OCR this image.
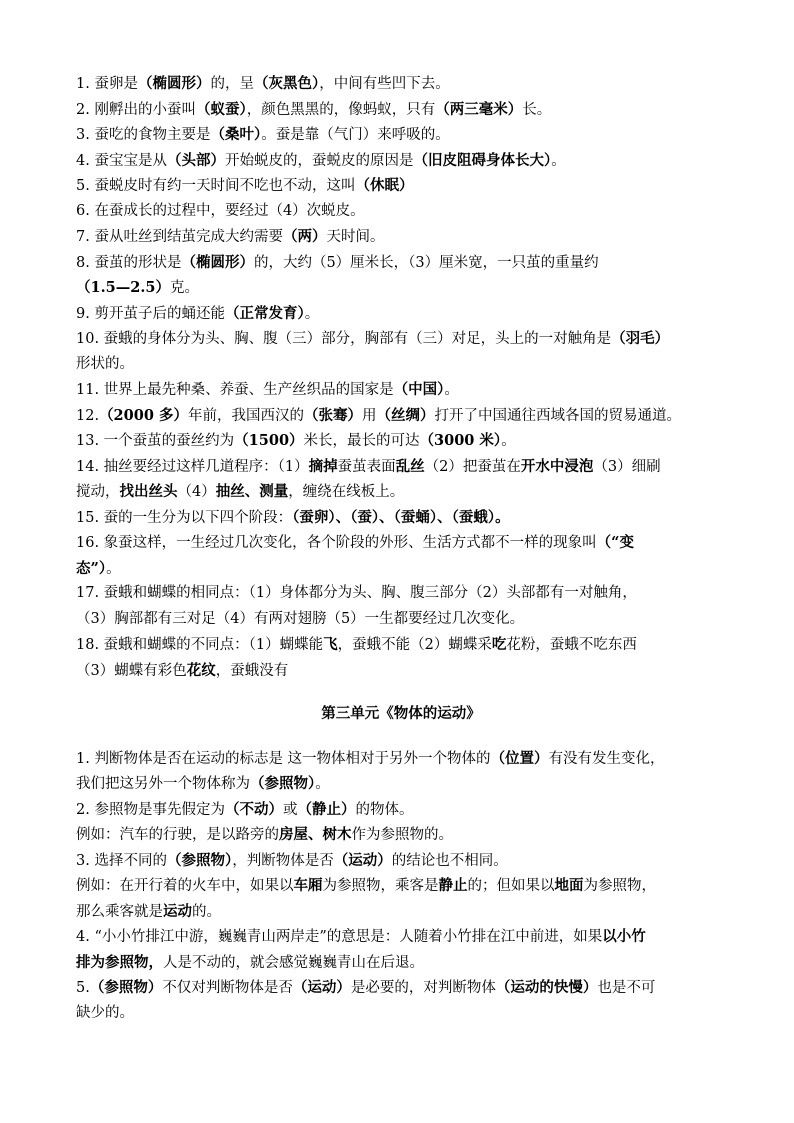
1. 蚕卵是（椭圆形）的，呈（灰黑色），中间有些凹下去。
2. 刚孵出的小蚕叫（蚁蚕），颜色黑黑的，像蚂蚁，只有（两三毫米）长。
3. 蚕吃的食物主要是（桑叶）。蚕是靠（气门）来呼吸的。
4. 蚕宝宝是从（头部）开始蜕皮的，蚕蜕皮的原因是（旧皮阻碍身体长大）。
5. 蚕蜕皮时有约一天时间不吃也不动，这叫（休眠）
6. 在蚕成长的过程中，要经过（4）次蜕皮。
7. 蚕从吐丝到结茧完成大约需要（两）天时间。
8. 蚕茧的形状是（椭圆形）的，大约（5）厘米长，（3）厘米宽，一只茧的重量约
（1.5—2.5）克。
9. 剪开茧子后的蛹还能（正常发育）。
10. 蚕蛾的身体分为头、胸、腹（三）部分，胸部有（三）对足，头上的一对触角是（羽毛）
形状的。
11. 世界上最先种桑、养蚕、生产丝织品的国家是（中国）。
12.（2000 多）年前，我国西汉的（张骞）用（丝绸）打开了中国通往西域各国的贸易通道。
13. 一个蚕茧的蚕丝约为（1500）米长，最长的可达（3000 米）。
14. 抽丝要经过这样几道程序：（1）摘掉蚕茧表面乱丝（2）把蚕茧在开水中浸泡（3）细刷
搅动，找出丝头（4）抽丝、测量，缠绕在线板上。
15. 蚕的一生分为以下四个阶段：（蚕卵）、（蚕）、（蚕蛹）、（蚕蛾）。
16. 象蚕这样，一生经过几次变化，各个阶段的外形、生活方式都不一样的现象叫（“变
态”）。
17. 蚕蛾和蝴蝶的相同点：（1）身体都分为头、胸、腹三部分（2）头部都有一对触角，
（3）胸部都有三对足（4）有两对翅膀（5）一生都要经过几次变化。
18. 蚕蛾和蝴蝶的不同点：（1）蝴蝶能飞，蚕蛾不能（2）蝴蝶采吃花粉，蚕蛾不吃东西
（3）蝴蝶有彩色花纹，蚕蛾没有
第三单元《物体的运动》
1. 判断物体是否在运动的标志是 这一物体相对于另外一个物体的（位置）有没有发生变化，
我们把这另外一个物体称为（参照物）。
2. 参照物是事先假定为（不动）或（静止）的物体。
例如：汽车的行驶，是以路旁的房屋、树木作为参照物的。
3. 选择不同的（参照物），判断物体是否（运动）的结论也不相同。
例如：在开行着的火车中，如果以车厢为参照物，乘客是静止的；但如果以地面为参照物，
那么乘客就是运动的。
4. “小小竹排江中游，巍巍青山两岸走”的意思是：人随着小竹排在江中前进，如果以小竹
排为参照物，人是不动的，就会感觉巍巍青山在后退。
5.（参照物）不仅对判断物体是否（运动）是必要的，对判断物体（运动的快慢）也是不可
缺少的。
